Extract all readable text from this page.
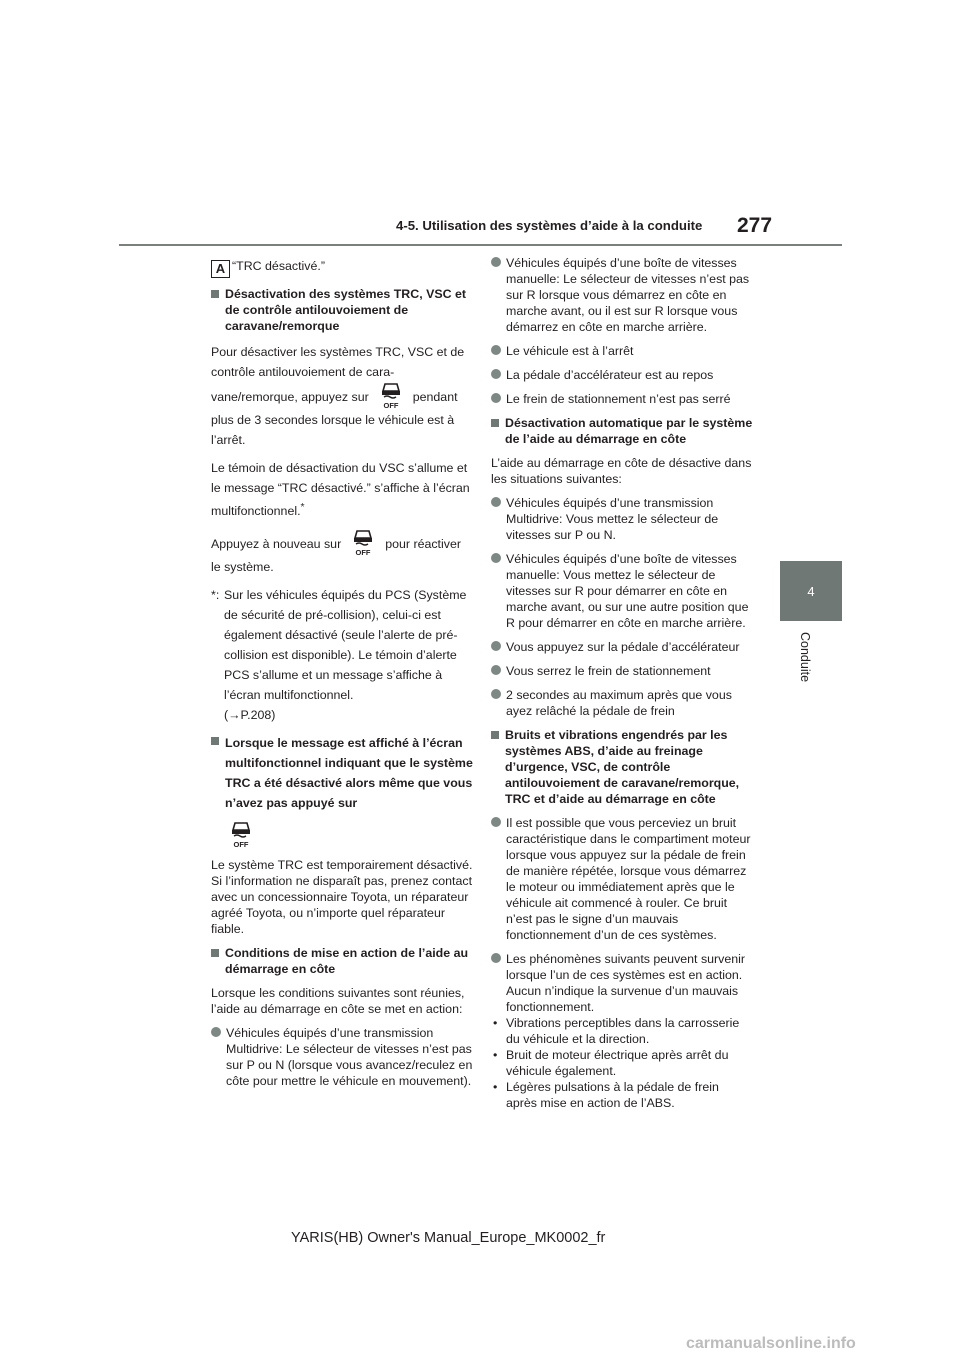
4-5. Utilisation des systèmes d’aide à la conduite 277
4
Conduite

A “TRC désactivé.”

Désactivation des systèmes TRC, VSC et de contrôle antilouvoiement de caravane/remorque

Pour désactiver les systèmes TRC, VSC et de contrôle antilouvoiement de cara-vane/remorque, appuyez sur
OFF
pendant plus de 3 secondes lorsque le véhicule est à l’arrêt.

Le témoin de désactivation du VSC s’allume et le message “TRC désactivé.” s’affiche à l’écran multifonctionnel.*

Appuyez à nouveau sur
OFF
pour réactiver le système.

*: Sur les véhicules équipés du PCS (Système de sécurité de pré-collision), celui-ci est également désactivé (seule l’alerte de pré-collision est disponible). Le témoin d’alerte PCS s’allume et un message s’affiche à l’écran multifonctionnel.
(→P.208)
Lorsque le message est affiché à l’écran multifonctionnel indiquant que le système TRC a été désactivé alors même que vous n’avez pas appuyé sur
OFF

Le système TRC est temporairement désactivé. Si l’information ne disparaît pas, prenez contact avec un concessionnaire Toyota, un réparateur agréé Toyota, ou n’importe quel réparateur fiable.

Conditions de mise en action de l’aide au démarrage en côte

Lorsque les conditions suivantes sont réunies, l’aide au démarrage en côte se met en action:

Véhicules équipés d’une transmission Multidrive: Le sélecteur de vitesses n’est pas sur P ou N (lorsque vous avancez/reculez en côte pour mettre le véhicule en mouvement).
Véhicules équipés d’une boîte de vitesses manuelle: Le sélecteur de vitesses n’est pas sur R lorsque vous démarrez en côte en marche avant, ou il est sur R lorsque vous démarrez en côte en marche arrière.
Le véhicule est à l’arrêt
La pédale d’accélérateur est au repos
Le frein de stationnement n’est pas serré
Désactivation automatique par le système de l’aide au démarrage en côte

L’aide au démarrage en côte de désactive dans les situations suivantes:

Véhicules équipés d’une transmission Multidrive: Vous mettez le sélecteur de vitesses sur P ou N.
Véhicules équipés d’une boîte de vitesses manuelle: Vous mettez le sélecteur de vitesses sur R pour démarrer en côte en marche avant, ou sur une autre position que R pour démarrer en côte en marche arrière.
Vous appuyez sur la pédale d’accélérateur
Vous serrez le frein de stationnement
2 secondes au maximum après que vous ayez relâché la pédale de frein
Bruits et vibrations engendrés par les systèmes ABS, d’aide au freinage d’urgence, VSC, de contrôle antilouvoiement de caravane/remorque, TRC et d’aide au démarrage en côte
Il est possible que vous perceviez un bruit caractéristique dans le compartiment moteur lorsque vous appuyez sur la pédale de frein de manière répétée, lorsque vous démarrez le moteur ou immédiatement après que le véhicule ait commencé à rouler. Ce bruit n’est pas le signe d’un mauvais fonctionnement d’un de ces systèmes.
Les phénomènes suivants peuvent survenir lorsque l’un de ces systèmes est en action. Aucun n’indique la survenue d’un mauvais fonctionnement.
• Vibrations perceptibles dans la carrosserie du véhicule et la direction.
• Bruit de moteur électrique après arrêt du véhicule également.
• Légères pulsations à la pédale de frein après mise en action de l’ABS.
YARIS(HB) Owner's Manual_Europe_MK0002_fr
carmanualsonline.info
